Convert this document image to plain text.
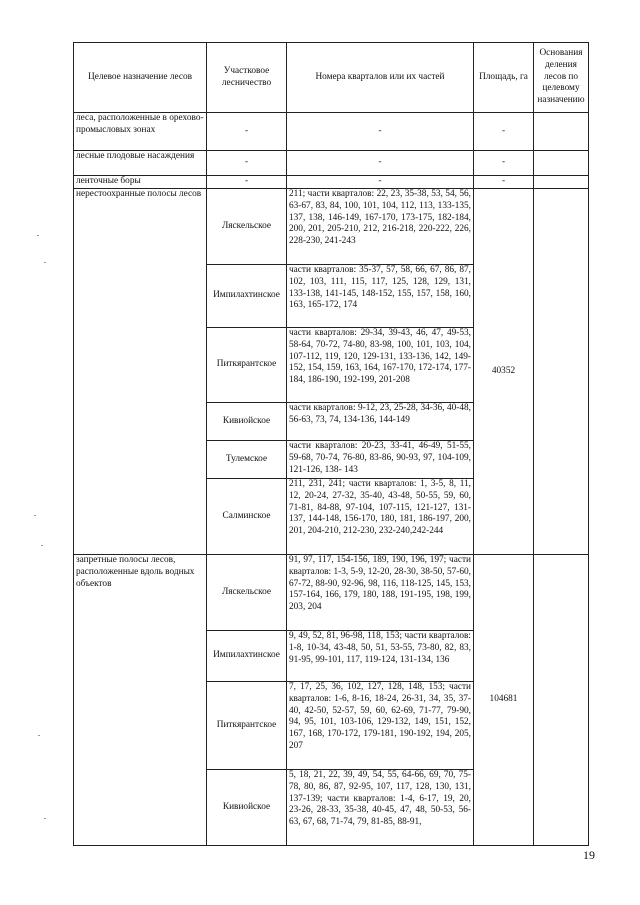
Целевое назначение лесов	Участковое лесничество	Номера кварталов или их частей	Площадь, га	Основания деления лесов по целевому назначению
леса, расположенные в орехово-промысловых зонах	-	-	-	
лесные плодовые насаждения	-	-	-	
ленточные боры	-	-	-	
нерестоохранные полосы лесов	Ляскельское	211; части кварталов: 22, 23, 35-38, 53, 54, 56, 63-67, 83, 84, 100, 101, 104, 112, 113, 133-135, 137, 138, 146-149, 167-170, 173-175, 182-184, 200, 201, 205-210, 212, 216-218, 220-222, 226, 228-230, 241-243	40352	
	Импилахтинское	части кварталов: 35-37, 57, 58, 66, 67, 86, 87, 102, 103, 111, 115, 117, 125, 128, 129, 131, 133-138, 141-145, 148-152, 155, 157, 158, 160, 163, 165-172, 174		
	Питкярантское	части кварталов: 29-34, 39-43, 46, 47, 49-53, 58-64, 70-72, 74-80, 83-98, 100, 101, 103, 104, 107-112, 119, 120, 129-131, 133-136, 142, 149-152, 154, 159, 163, 164, 167-170, 172-174, 177-184, 186-190, 192-199, 201-208		
	Кивиойское	части кварталов: 9-12, 23, 25-28, 34-36, 40-48, 56-63, 73, 74, 134-136, 144-149		
	Тулемское	части кварталов: 20-23, 33-41, 46-49, 51-55, 59-68, 70-74, 76-80, 83-86, 90-93, 97, 104-109, 121-126, 138- 143		
	Салминское	211, 231, 241; части кварталов: 1, 3-5, 8, 11, 12, 20-24, 27-32, 35-40, 43-48, 50-55, 59, 60, 71-81, 84-88, 97-104, 107-115, 121-127, 131-137, 144-148, 156-170, 180, 181, 186-197, 200, 201, 204-210, 212-230, 232-240,242-244		
запретные полосы лесов, расположенные вдоль водных объектов	Ляскельское	91, 97, 117, 154-156, 189, 190, 196, 197; части кварталов: 1-3, 5-9, 12-20, 28-30, 38-50, 57-60, 67-72, 88-90, 92-96, 98, 116, 118-125, 145, 153, 157-164, 166, 179, 180, 188, 191-195, 198, 199, 203, 204	104681	
	Импилахтинское	9, 49, 52, 81, 96-98, 118, 153; части кварталов: 1-8, 10-34, 43-48, 50, 51, 53-55, 73-80, 82, 83, 91-95, 99-101, 117, 119-124, 131-134, 136		
	Питкярантское	7, 17, 25, 36, 102, 127, 128, 148, 153; части кварталов: 1-6, 8-16, 18-24, 26-31, 34, 35, 37-40, 42-50, 52-57, 59, 60, 62-69, 71-77, 79-90, 94, 95, 101, 103-106, 129-132, 149, 151, 152, 167, 168, 170-172, 179-181, 190-192, 194, 205, 207		
	Кивиойское	5, 18, 21, 22, 39, 49, 54, 55, 64-66, 69, 70, 75-78, 80, 86, 87, 92-95, 107, 117, 128, 130, 131, 137-139; части кварталов: 1-4, 6-17, 19, 20, 23-26, 28-33, 35-38, 40-45, 47, 48, 50-53, 56-63, 67, 68, 71-74, 79, 81-85, 88-91,		
19
